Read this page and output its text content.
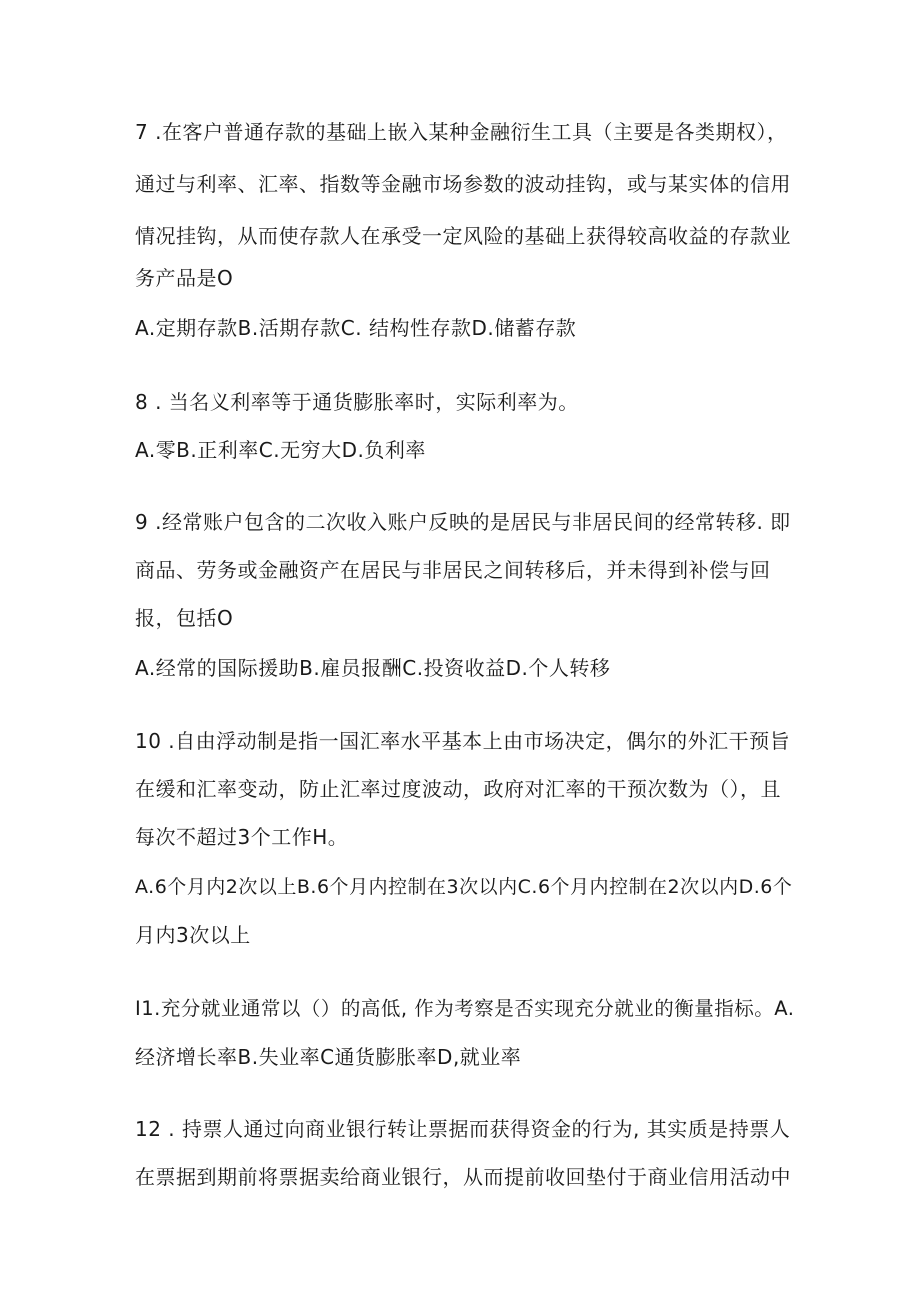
7 .在客户普通存款的基础上嵌入某种金融衍生工具（主要是各类期权），
通过与利率、汇率、指数等金融市场参数的波动挂钩，或与某实体的信用
情况挂钩，从而使存款人在承受一定风险的基础上获得较高收益的存款业
务产品是O
A.定期存款B.活期存款C. 结构性存款D.储蓄存款
8 . 当名义利率等于通货膨胀率时，实际利率为。
A.零B.正利率C.无穷大D.负利率
9 .经常账户包含的二次收入账户反映的是居民与非居民间的经常转移. 即
商品、劳务或金融资产在居民与非居民之间转移后，并未得到补偿与回
报，包括O
A.经常的国际援助B.雇员报酬C.投资收益D.个人转移
10 .自由浮动制是指一国汇率水平基本上由市场决定，偶尔的外汇干预旨
在缓和汇率变动，防止汇率过度波动，政府对汇率的干预次数为（），且
每次不超过3个工作H。
A.6个月内2次以上B.6个月内控制在3次以内C.6个月内控制在2次以内D.6个
月内3次以上
I1.充分就业通常以（）的高低, 作为考察是否实现充分就业的衡量指标。A.
经济增长率B.失业率C通货膨胀率D,就业率
12 . 持票人通过向商业银行转让票据而获得资金的行为, 其实质是持票人
在票据到期前将票据卖给商业银行，从而提前收回垫付于商业信用活动中
